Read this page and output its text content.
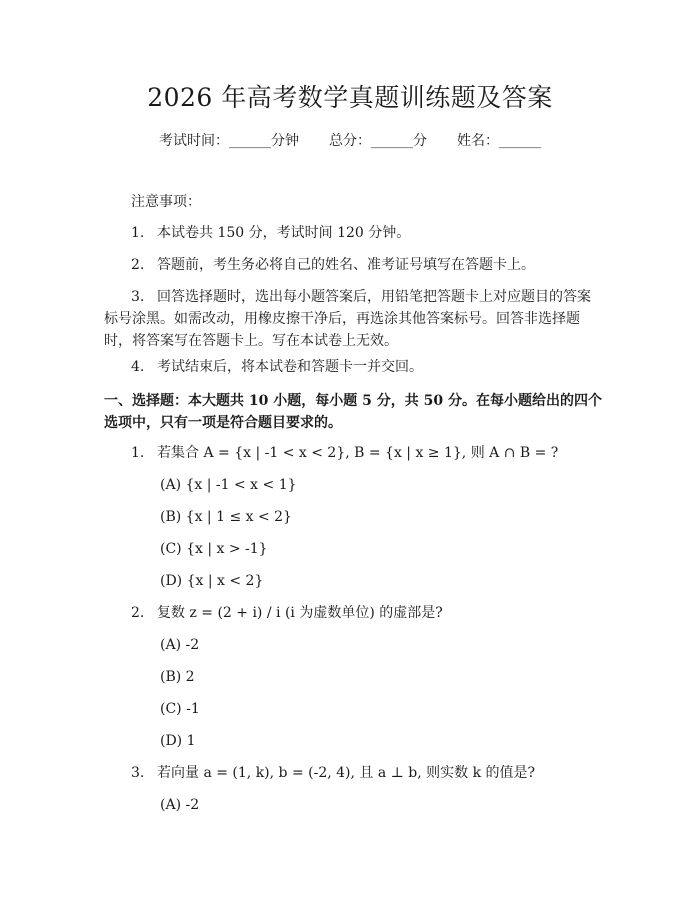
2026 年高考数学真题训练题及答案
考试时间：______分钟 总分：______分 姓名：______
注意事项：
1. 本试卷共 150 分，考试时间 120 分钟。
2. 答题前，考生务必将自己的姓名、准考证号填写在答题卡上。
3. 回答选择题时，选出每小题答案后，用铅笔把答题卡上对应题目的答案标号涂黑。如需改动，用橡皮擦干净后，再选涂其他答案标号。回答非选择题时，将答案写在答题卡上。写在本试卷上无效。
4. 考试结束后，将本试卷和答题卡一并交回。
一、选择题：本大题共 10 小题，每小题 5 分，共 50 分。在每小题给出的四个选项中，只有一项是符合题目要求的。
1. 若集合 A = {x | -1 < x < 2}, B = {x | x ≥ 1}, 则 A ∩ B = ?
(A) {x | -1 < x < 1}
(B) {x | 1 ≤ x < 2}
(C) {x | x > -1}
(D) {x | x < 2}
2. 复数 z = (2 + i) / i (i 为虚数单位) 的虚部是?
(A) -2
(B) 2
(C) -1
(D) 1
3. 若向量 a = (1, k), b = (-2, 4), 且 a ⊥ b, 则实数 k 的值是?
(A) -2
